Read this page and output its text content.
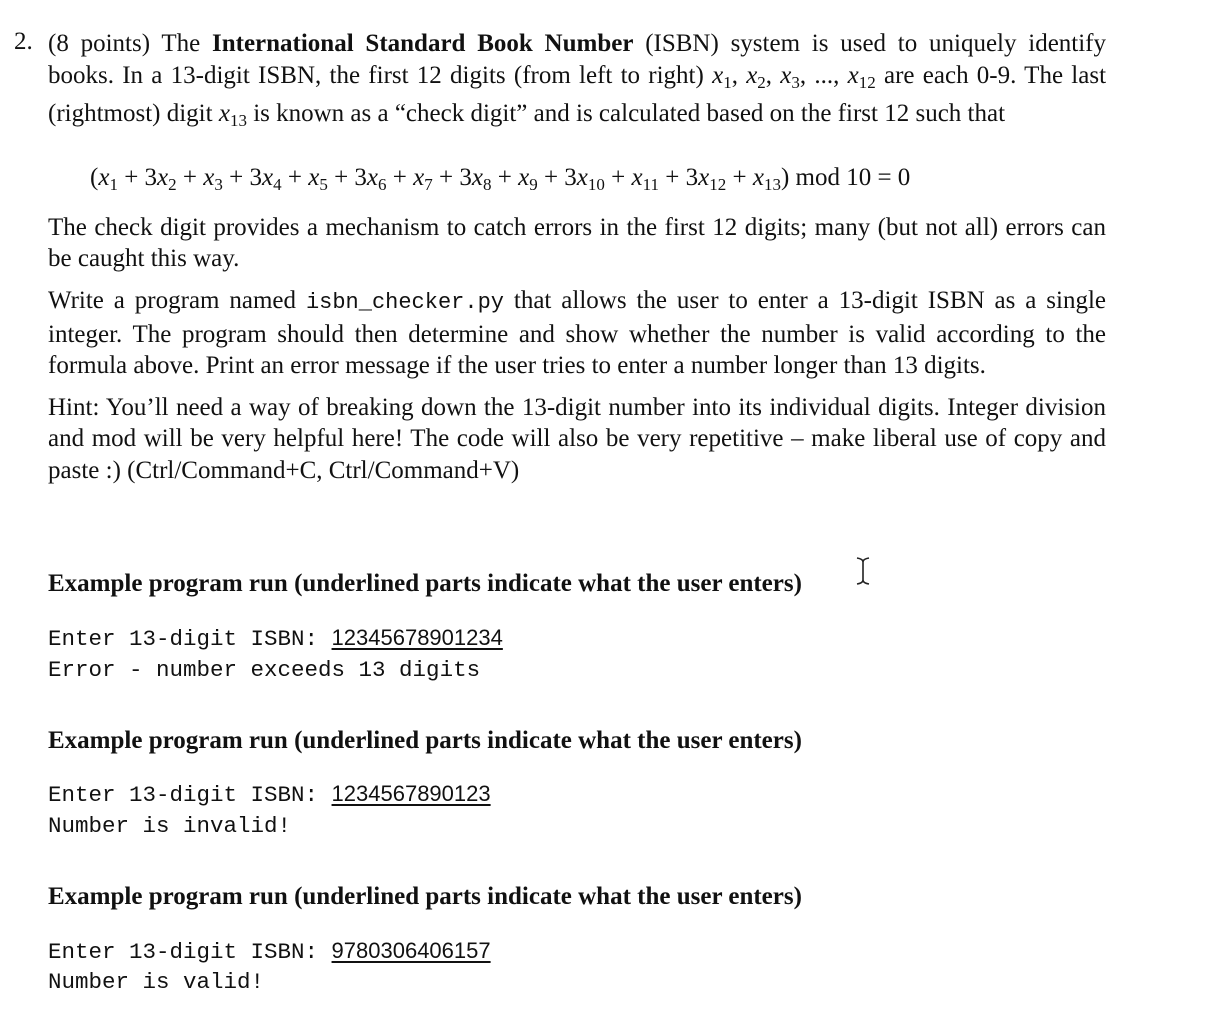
2. (8 points) The International Standard Book Number (ISBN) system is used to uniquely identify books. In a 13-digit ISBN, the first 12 digits (from left to right) $x_1$, $x_2$, $x_3$, ..., $x_{12}$ are each 0-9. The last (rightmost) digit $x_{13}$ is known as a “check digit” and is calculated based on the first 12 such that
$(x_1 + 3x_2 + x_3 + 3x_4 + x_5 + 3x_6 + x_7 + 3x_8 + x_9 + 3x_{10} + x_{11} + 3x_{12} + x_{13})$ mod 10 = 0
The check digit provides a mechanism to catch errors in the first 12 digits; many (but not all) errors can be caught this way.
Write a program named isbn_checker.py that allows the user to enter a 13-digit ISBN as a single integer. The program should then determine and show whether the number is valid according to the formula above. Print an error message if the user tries to enter a number longer than 13 digits.
Hint: You’ll need a way of breaking down the 13-digit number into its individual digits. Integer division and mod will be very helpful here! The code will also be very repetitive – make liberal use of copy and paste :) (Ctrl/Command+C, Ctrl/Command+V)
Example program run (underlined parts indicate what the user enters)
Enter 13-digit ISBN: 12345678901234
Error - number exceeds 13 digits
Example program run (underlined parts indicate what the user enters)
Enter 13-digit ISBN: 1234567890123
Number is invalid!
Example program run (underlined parts indicate what the user enters)
Enter 13-digit ISBN: 9780306406157
Number is valid!
